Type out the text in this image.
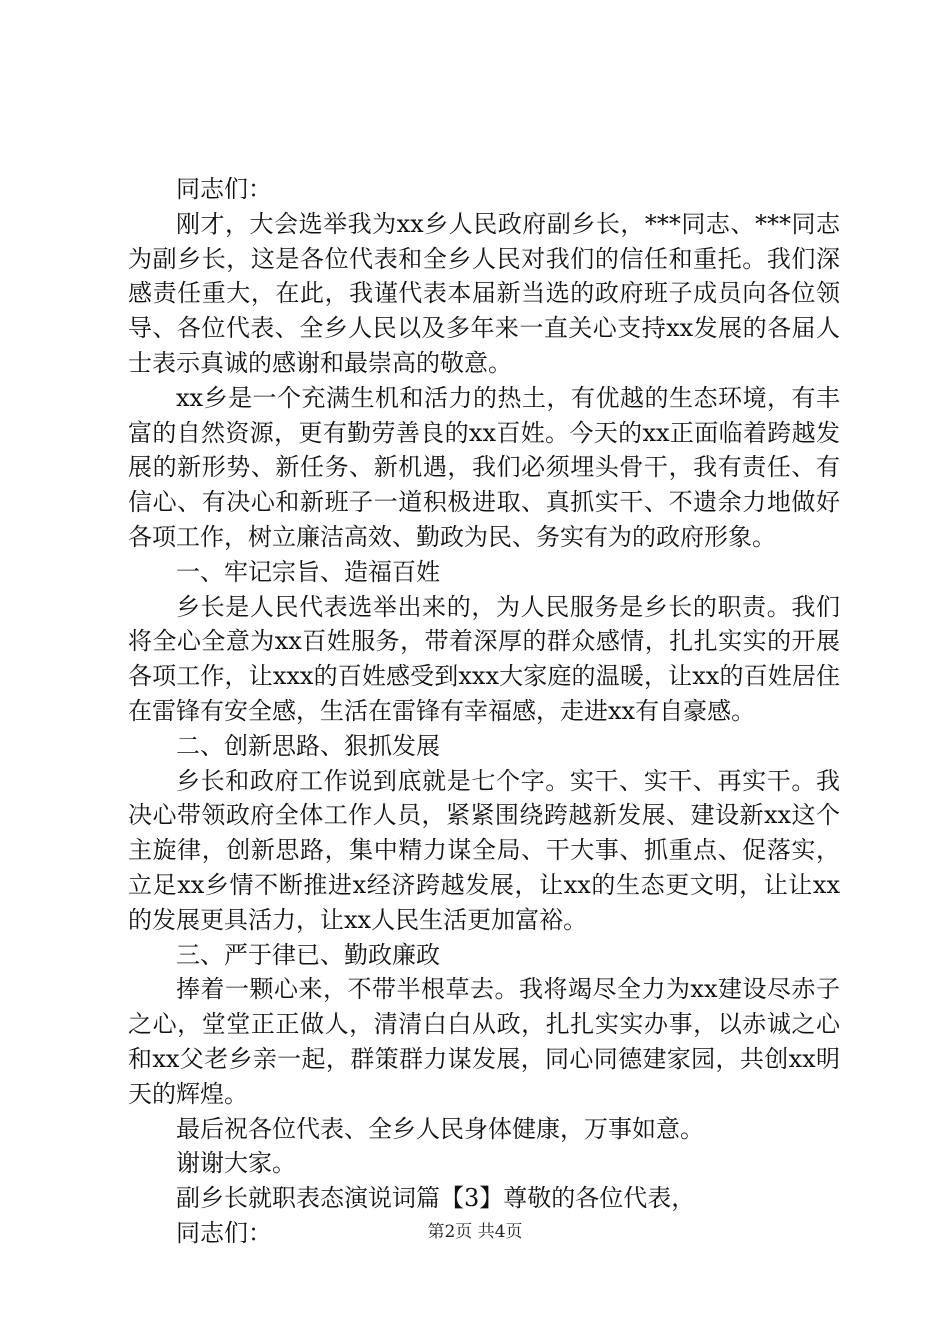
同志们：

刚才，大会选举我为xx乡人民政府副乡长，***同志、***同志为副乡长，这是各位代表和全乡人民对我们的信任和重托。我们深感责任重大，在此，我谨代表本届新当选的政府班子成员向各位领导、各位代表、全乡人民以及多年来一直关心支持xx发展的各届人士表示真诚的感谢和最崇高的敬意。

xx乡是一个充满生机和活力的热土，有优越的生态环境，有丰富的自然资源，更有勤劳善良的xx百姓。今天的xx正面临着跨越发展的新形势、新任务、新机遇，我们必须埋头骨干，我有责任、有信心、有决心和新班子一道积极进取、真抓实干、不遗余力地做好各项工作，树立廉洁高效、勤政为民、务实有为的政府形象。

一、牢记宗旨、造福百姓

乡长是人民代表选举出来的，为人民服务是乡长的职责。我们将全心全意为xx百姓服务，带着深厚的群众感情，扎扎实实的开展各项工作，让xxx的百姓感受到xxx大家庭的温暖，让xx的百姓居住在雷锋有安全感，生活在雷锋有幸福感，走进xx有自豪感。

二、创新思路、狠抓发展

乡长和政府工作说到底就是七个字。实干、实干、再实干。我决心带领政府全体工作人员，紧紧围绕跨越新发展、建设新xx这个主旋律，创新思路，集中精力谋全局、干大事、抓重点、促落实，立足xx乡情不断推进x经济跨越发展，让xx的生态更文明，让让xx的发展更具活力，让xx人民生活更加富裕。

三、严于律已、勤政廉政

捧着一颗心来，不带半根草去。我将竭尽全力为xx建设尽赤子之心，堂堂正正做人，清清白白从政，扎扎实实办事，以赤诚之心和xx父老乡亲一起，群策群力谋发展，同心同德建家园，共创xx明天的辉煌。

最后祝各位代表、全乡人民身体健康，万事如意。

谢谢大家。

副乡长就职表态演说词篇【3】尊敬的各位代表，

同志们：	第2页 共4页
